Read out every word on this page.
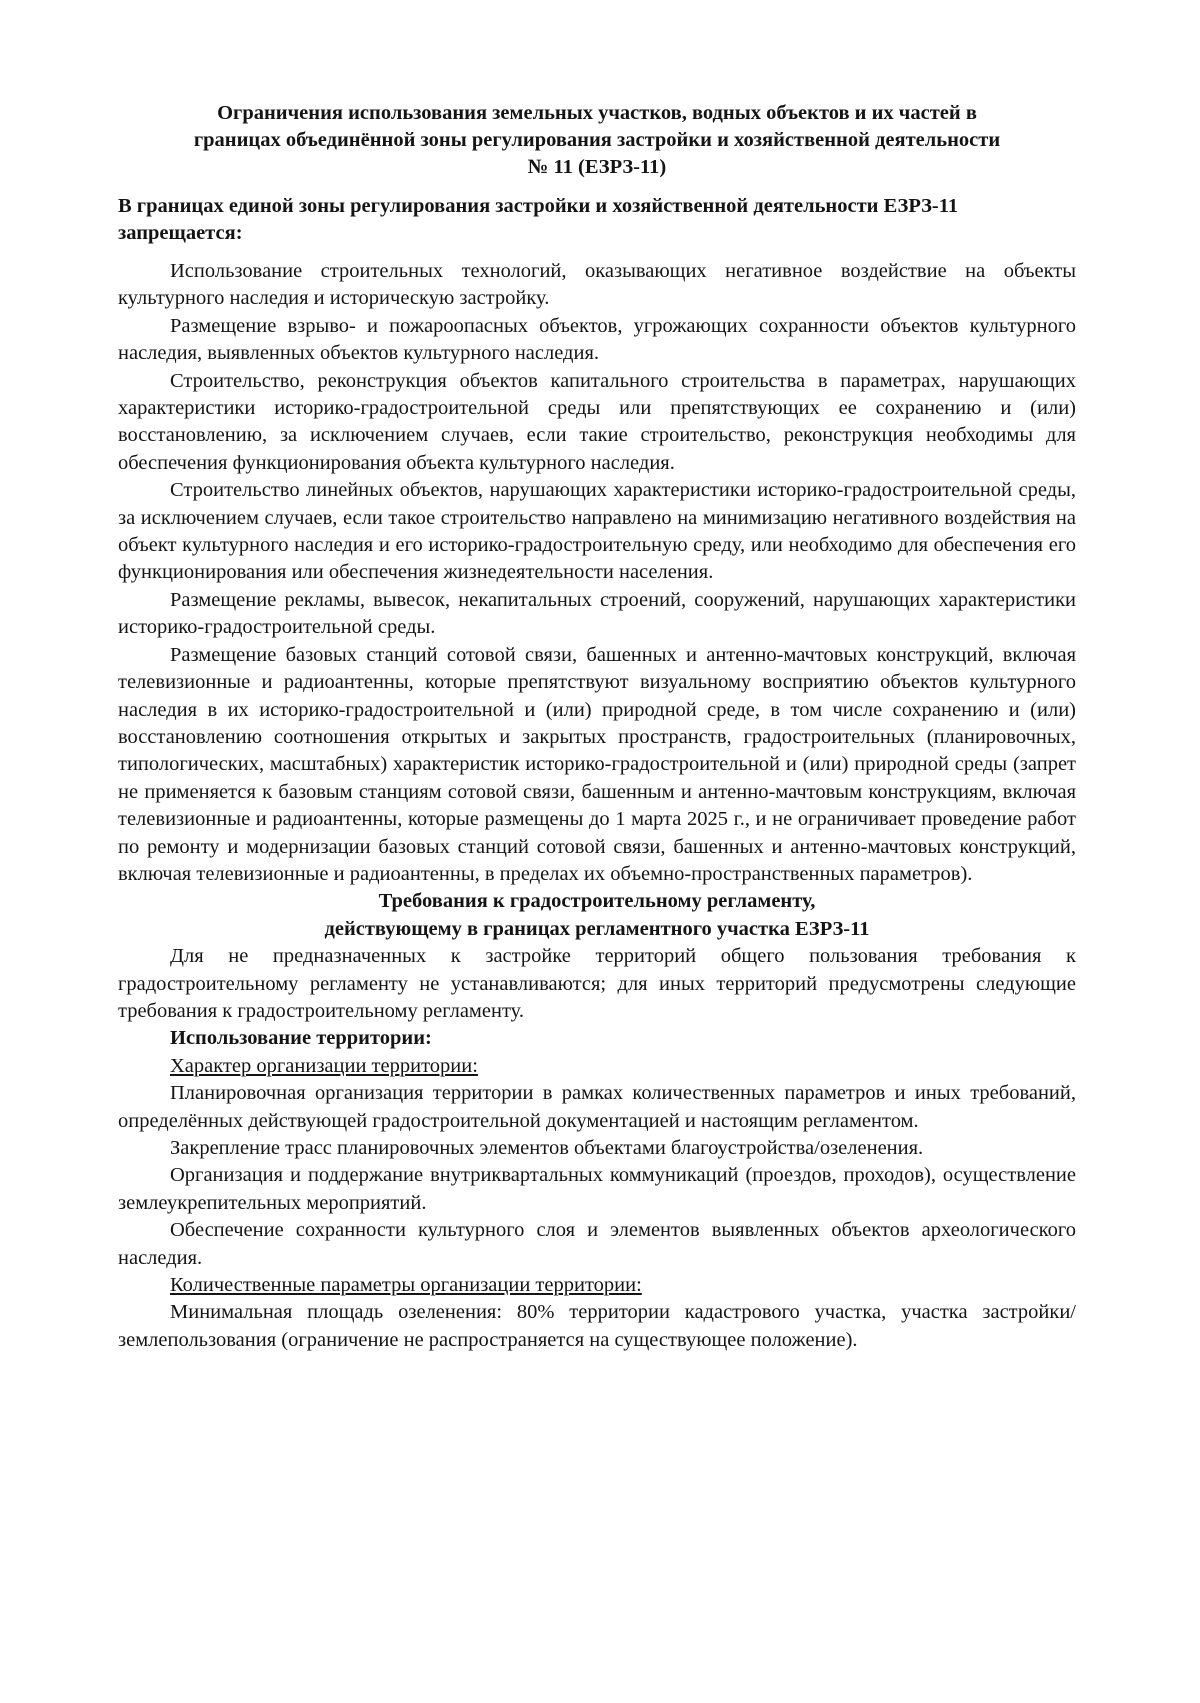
Ограничения использования земельных участков, водных объектов и их частей в
границах объединённой зоны регулирования застройки и хозяйственной деятельности
№ 11 (ЕЗРЗ-11)
В границах единой зоны регулирования застройки и хозяйственной деятельности ЕЗРЗ-11 запрещается:

Использование строительных технологий, оказывающих негативное воздействие на объекты культурного наследия и историческую застройку.

Размещение взрыво- и пожароопасных объектов, угрожающих сохранности объектов культурного наследия, выявленных объектов культурного наследия.

Строительство, реконструкция объектов капитального строительства в параметрах, нарушающих характеристики историко-градостроительной среды или препятствующих ее сохранению и (или) восстановлению, за исключением случаев, если такие строительство, реконструкция необходимы для обеспечения функционирования объекта культурного наследия.

Строительство линейных объектов, нарушающих характеристики историко-градостроительной среды, за исключением случаев, если такое строительство направлено на минимизацию негативного воздействия на объект культурного наследия и его историко-градостроительную среду, или необходимо для обеспечения его функционирования или обеспечения жизнедеятельности населения.

Размещение рекламы, вывесок, некапитальных строений, сооружений, нарушающих характеристики историко-градостроительной среды.

Размещение базовых станций сотовой связи, башенных и антенно-мачтовых конструкций, включая телевизионные и радиоантенны, которые препятствуют визуальному восприятию объектов культурного наследия в их историко-градостроительной и (или) природной среде, в том числе сохранению и (или) восстановлению соотношения открытых и закрытых пространств, градостроительных (планировочных, типологических, масштабных) характеристик историко-градостроительной и (или) природной среды (запрет не применяется к базовым станциям сотовой связи, башенным и антенно-мачтовым конструкциям, включая телевизионные и радиоантенны, которые размещены до 1 марта 2025 г., и не ограничивает проведение работ по ремонту и модернизации базовых станций сотовой связи, башенных и антенно-мачтовых конструкций, включая телевизионные и радиоантенны, в пределах их объемно-пространственных параметров).

Требования к градостроительному регламенту,
действующему в границах регламентного участка ЕЗРЗ-11

Для не предназначенных к застройке территорий общего пользования требования к градостроительному регламенту не устанавливаются; для иных территорий предусмотрены следующие требования к градостроительному регламенту.

Использование территории:
Характер организации территории:

Планировочная организация территории в рамках количественных параметров и иных требований, определённых действующей градостроительной документацией и настоящим регламентом.

Закрепление трасс планировочных элементов объектами благоустройства/озеленения.

Организация и поддержание внутриквартальных коммуникаций (проездов, проходов), осуществление землеукрепительных мероприятий.

Обеспечение сохранности культурного слоя и элементов выявленных объектов археологического наследия.

Количественные параметры организации территории:

Минимальная площадь озеленения: 80% территории кадастрового участка, участка застройки/землепользования (ограничение не распространяется на существующее положение).
